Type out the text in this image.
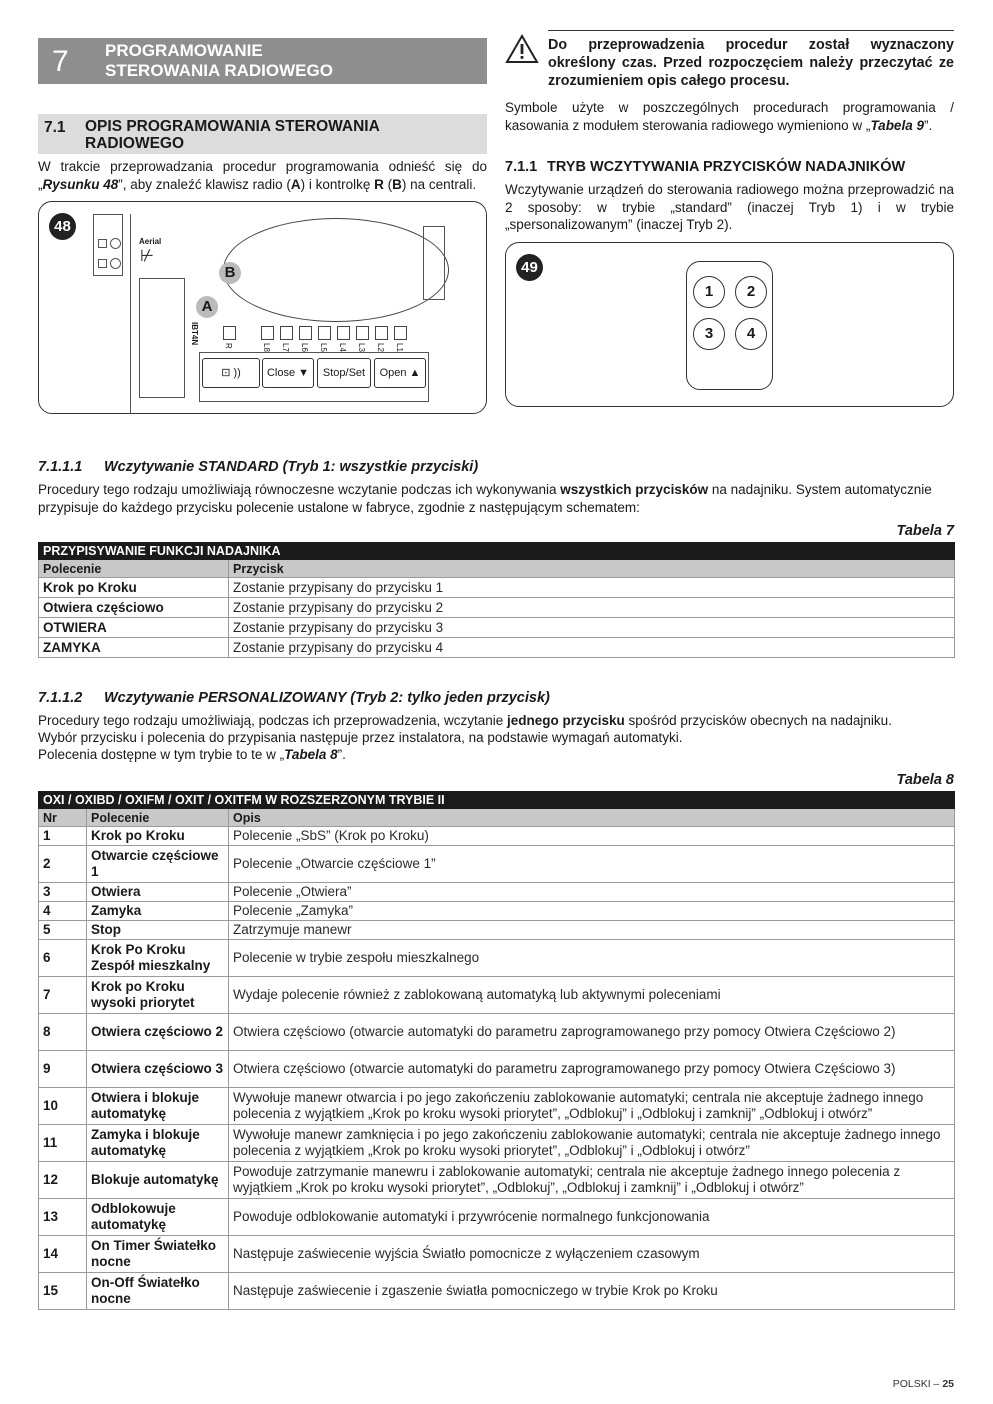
7 PROGRAMOWANIE STEROWANIA RADIOWEGO
7.1 OPIS PROGRAMOWANIA STEROWANIA RADIOWEGO

W trakcie przeprowadzania procedur programowania odnieść się do „Rysunku 48”, aby znaleźć klawisz radio (A) i kontrolkę R (B) na centrali.

48
Aerial
⊬
IBT4N
B
A
R	L8 L7 L6 L5 L4 L3 L2 L1
⊡ ))	Close ▼	Stop/Set	Open ▲

Do przeprowadzenia procedur został wyznaczony określony czas. Przed rozpoczęciem należy przeczytać ze zrozumieniem opis całego procesu.

Symbole użyte w poszczególnych procedurach programowania / kasowania z modułem sterowania radiowego wymieniono w „Tabela 9”.

7.1.1 TRYB WCZYTYWANIA PRZYCISKÓW NADAJNIKÓW

Wczytywanie urządzeń do sterowania radiowego można przeprowadzić na 2 sposoby: w trybie „standard” (inaczej Tryb 1) i w trybie „spersonalizowanym” (inaczej Tryb 2).

49
1	2
3	4
7.1.1.1 Wczytywanie STANDARD (Tryb 1: wszystkie przyciski)

Procedury tego rodzaju umożliwiają równoczesne wczytanie podczas ich wykonywania wszystkich przycisków na nadajniku. System automatycznie przypisuje do każdego przycisku polecenie ustalone w fabryce, zgodnie z następującym schematem:

Tabela 7
PRZYPISYWANIE FUNKCJI NADAJNIKA	
Polecenie	Przycisk
Krok po Kroku	Zostanie przypisany do przycisku 1
Otwiera częściowo	Zostanie przypisany do przycisku 2
OTWIERA	Zostanie przypisany do przycisku 3
ZAMYKA	Zostanie przypisany do przycisku 4
7.1.1.2 Wczytywanie PERSONALIZOWANY (Tryb 2: tylko jeden przycisk)

Procedury tego rodzaju umożliwiają, podczas ich przeprowadzenia, wczytanie jednego przycisku spośród przycisków obecnych na nadajniku.

Wybór przycisku i polecenia do przypisania następuje przez instalatora, na podstawie wymagań automatyki.

Polecenia dostępne w tym trybie to te w „Tabela 8”.

Tabela 8
OXI / OXIBD / OXIFM / OXIT / OXITFM W ROZSZERZONYM TRYBIE II		
Nr	Polecenie	Opis
1	Krok po Kroku	Polecenie „SbS” (Krok po Kroku)
2	Otwarcie częściowe 1	Polecenie „Otwarcie częściowe 1”
3	Otwiera	Polecenie „Otwiera”
4	Zamyka	Polecenie „Zamyka”
5	Stop	Zatrzymuje manewr
6	Krok Po Kroku Zespół mieszkalny	Polecenie w trybie zespołu mieszkalnego
7	Krok po Kroku wysoki priorytet	Wydaje polecenie również z zablokowaną automatyką lub aktywnymi poleceniami
8	Otwiera częściowo 2	Otwiera częściowo (otwarcie automatyki do parametru zaprogramowanego przy pomocy Otwiera Częściowo 2)
9	Otwiera częściowo 3	Otwiera częściowo (otwarcie automatyki do parametru zaprogramowanego przy pomocy Otwiera Częściowo 3)
10	Otwiera i blokuje automatykę	Wywołuje manewr otwarcia i po jego zakończeniu zablokowanie automatyki; centrala nie akceptuje żadnego innego polecenia z wyjątkiem „Krok po kroku wysoki priorytet”, „Odblokuj” i „Odblokuj i zamknij” „Odblokuj i otwórz”
11	Zamyka i blokuje automatykę	Wywołuje manewr zamknięcia i po jego zakończeniu zablokowanie automatyki; centrala nie akceptuje żadnego innego polecenia z wyjątkiem „Krok po kroku wysoki priorytet”, „Odblokuj” i „Odblokuj i otwórz”
12	Blokuje automatykę	Powoduje zatrzymanie manewru i zablokowanie automatyki; centrala nie akceptuje żadnego innego polecenia z wyjątkiem „Krok po kroku wysoki priorytet”, „Odblokuj”, „Odblokuj i zamknij” i „Odblokuj i otwórz”
13	Odblokowuje automatykę	Powoduje odblokowanie automatyki i przywrócenie normalnego funkcjonowania
14	On Timer Światełko nocne	Następuje zaświecenie wyjścia Światło pomocnicze z wyłączeniem czasowym
15	On-Off Światełko nocne	Następuje zaświecenie i zgaszenie światła pomocniczego w trybie Krok po Kroku
POLSKI – 25
